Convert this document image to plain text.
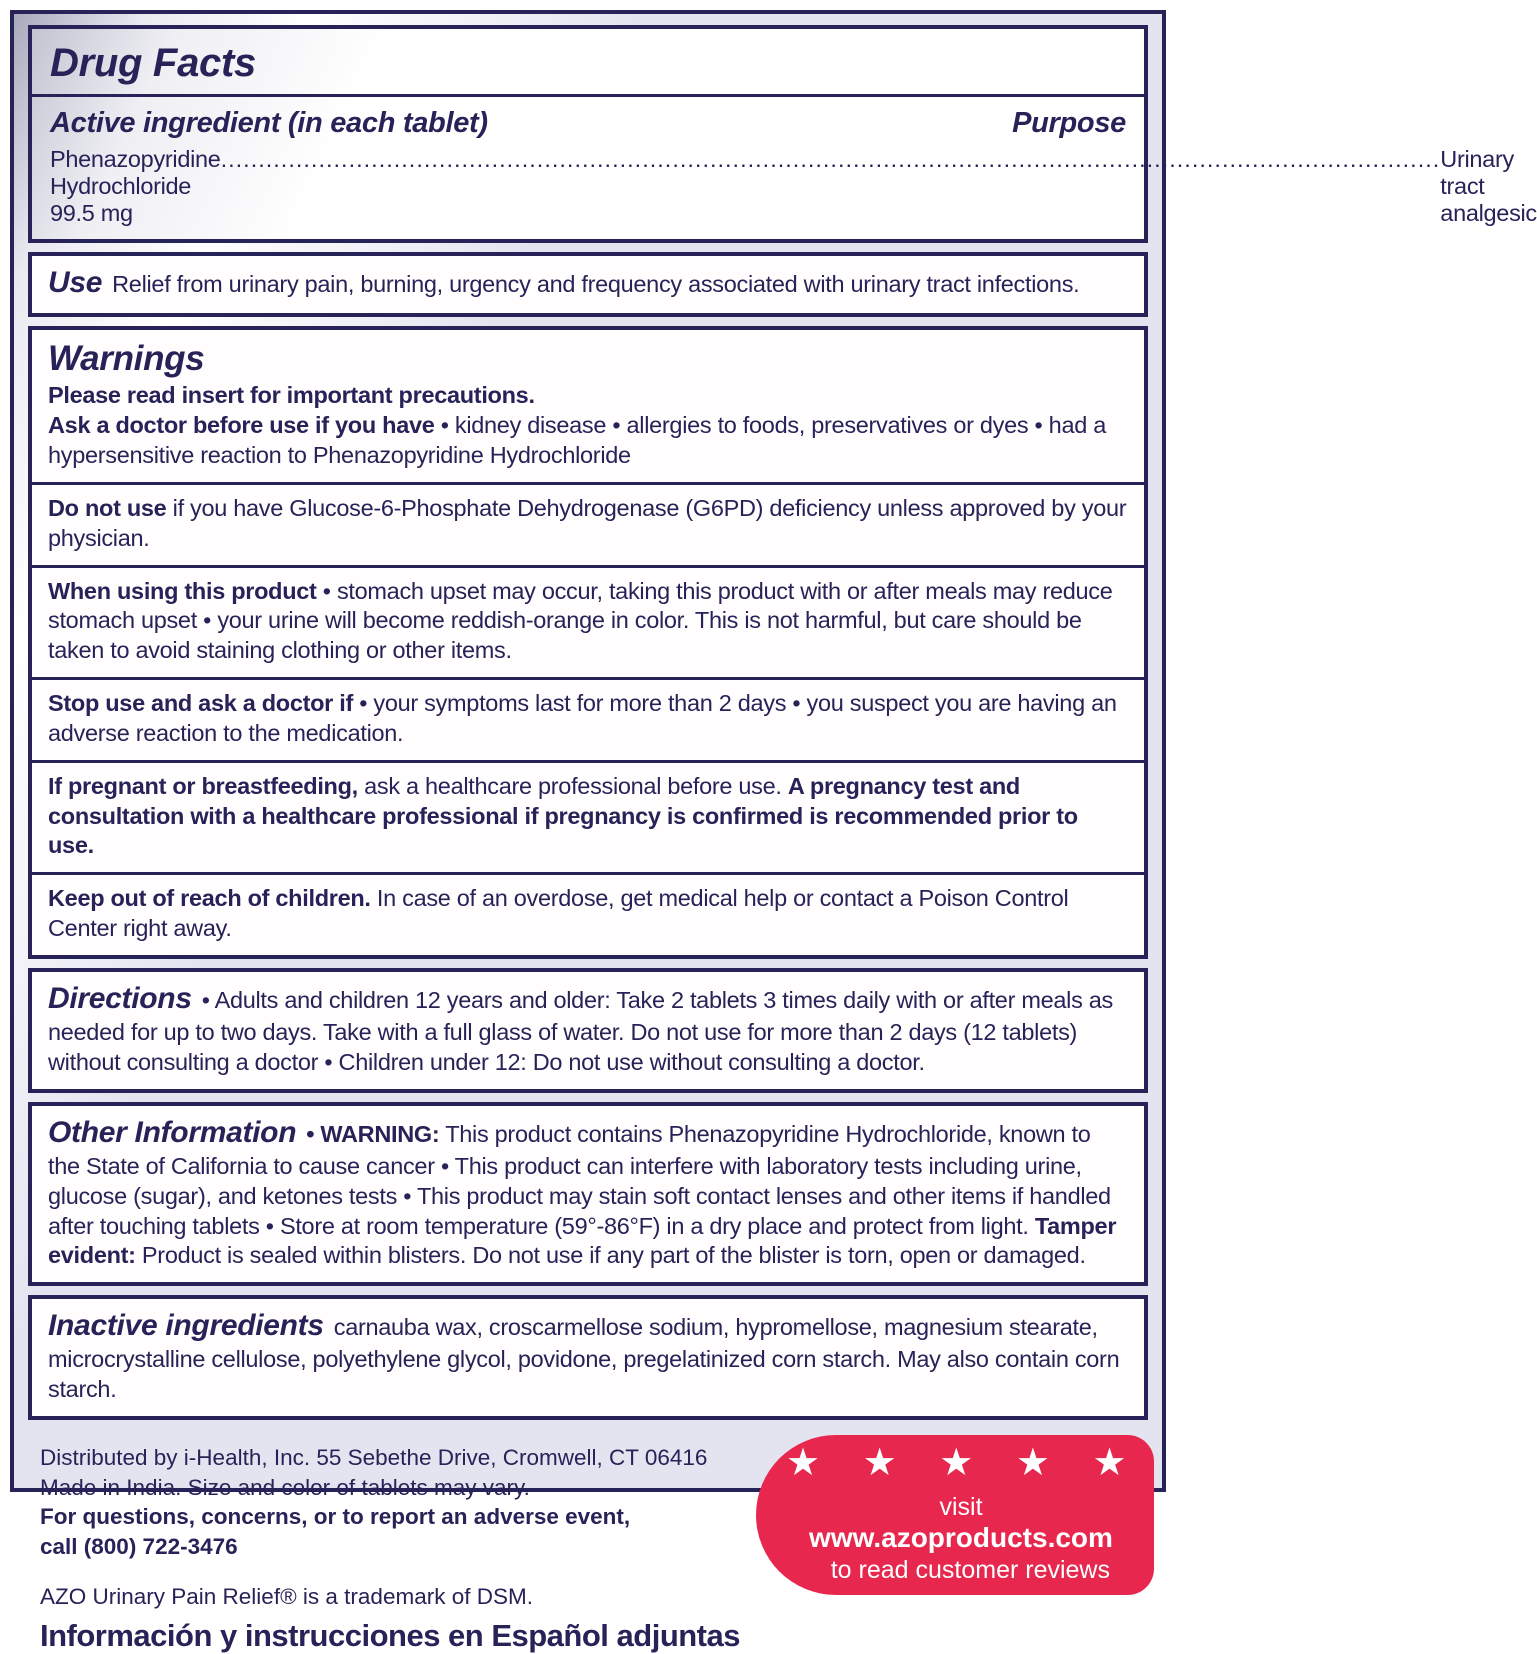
Drug Facts
Active ingredient (in each tablet)	Purpose
Phenazopyridine Hydrochloride 99.5 mg
.....
Urinary tract analgesic

Use Relief from urinary pain, burning, urgency and frequency associated with urinary tract infections.

Warnings

Please read insert for important precautions.

Ask a doctor before use if you have • kidney disease • allergies to foods, preservatives or dyes • had a hypersensitive reaction to Phenazopyridine Hydrochloride

Do not use if you have Glucose-6-Phosphate Dehydrogenase (G6PD) deficiency unless approved by your physician.

When using this product • stomach upset may occur, taking this product with or after meals may reduce stomach upset • your urine will become reddish-orange in color. This is not harmful, but care should be taken to avoid staining clothing or other items.

Stop use and ask a doctor if • your symptoms last for more than 2 days • you suspect you are having an adverse reaction to the medication.

If pregnant or breastfeeding, ask a healthcare professional before use. A pregnancy test and consultation with a healthcare professional if pregnancy is confirmed is recommended prior to use.

Keep out of reach of children. In case of an overdose, get medical help or contact a Poison Control Center right away.

Directions • Adults and children 12 years and older: Take 2 tablets 3 times daily with or after meals as needed for up to two days. Take with a full glass of water. Do not use for more than 2 days (12 tablets) without consulting a doctor • Children under 12: Do not use without consulting a doctor.

Other Information • WARNING: This product contains Phenazopyridine Hydrochloride, known to the State of California to cause cancer • This product can interfere with laboratory tests including urine, glucose (sugar), and ketones tests • This product may stain soft contact lenses and other items if handled after touching tablets • Store at room temperature (59°-86°F) in a dry place and protect from light. Tamper evident: Product is sealed within blisters. Do not use if any part of the blister is torn, open or damaged.

Inactive ingredients carnauba wax, croscarmellose sodium, hypromellose, magnesium stearate, microcrystalline cellulose, polyethylene glycol, povidone, pregelatinized corn starch. May also contain corn starch.

Distributed by i-Health, Inc. 55 Sebethe Drive, Cromwell, CT 06416
Made in India. Size and color of tablets may vary.
For questions, concerns, or to report an adverse event,
call (800) 722-3476
AZO Urinary Pain Relief® is a trademark of DSM.
Información y instrucciones en Español adjuntas
★ ★ ★ ★ ★
visit www.azoproducts.com
to read customer reviews
